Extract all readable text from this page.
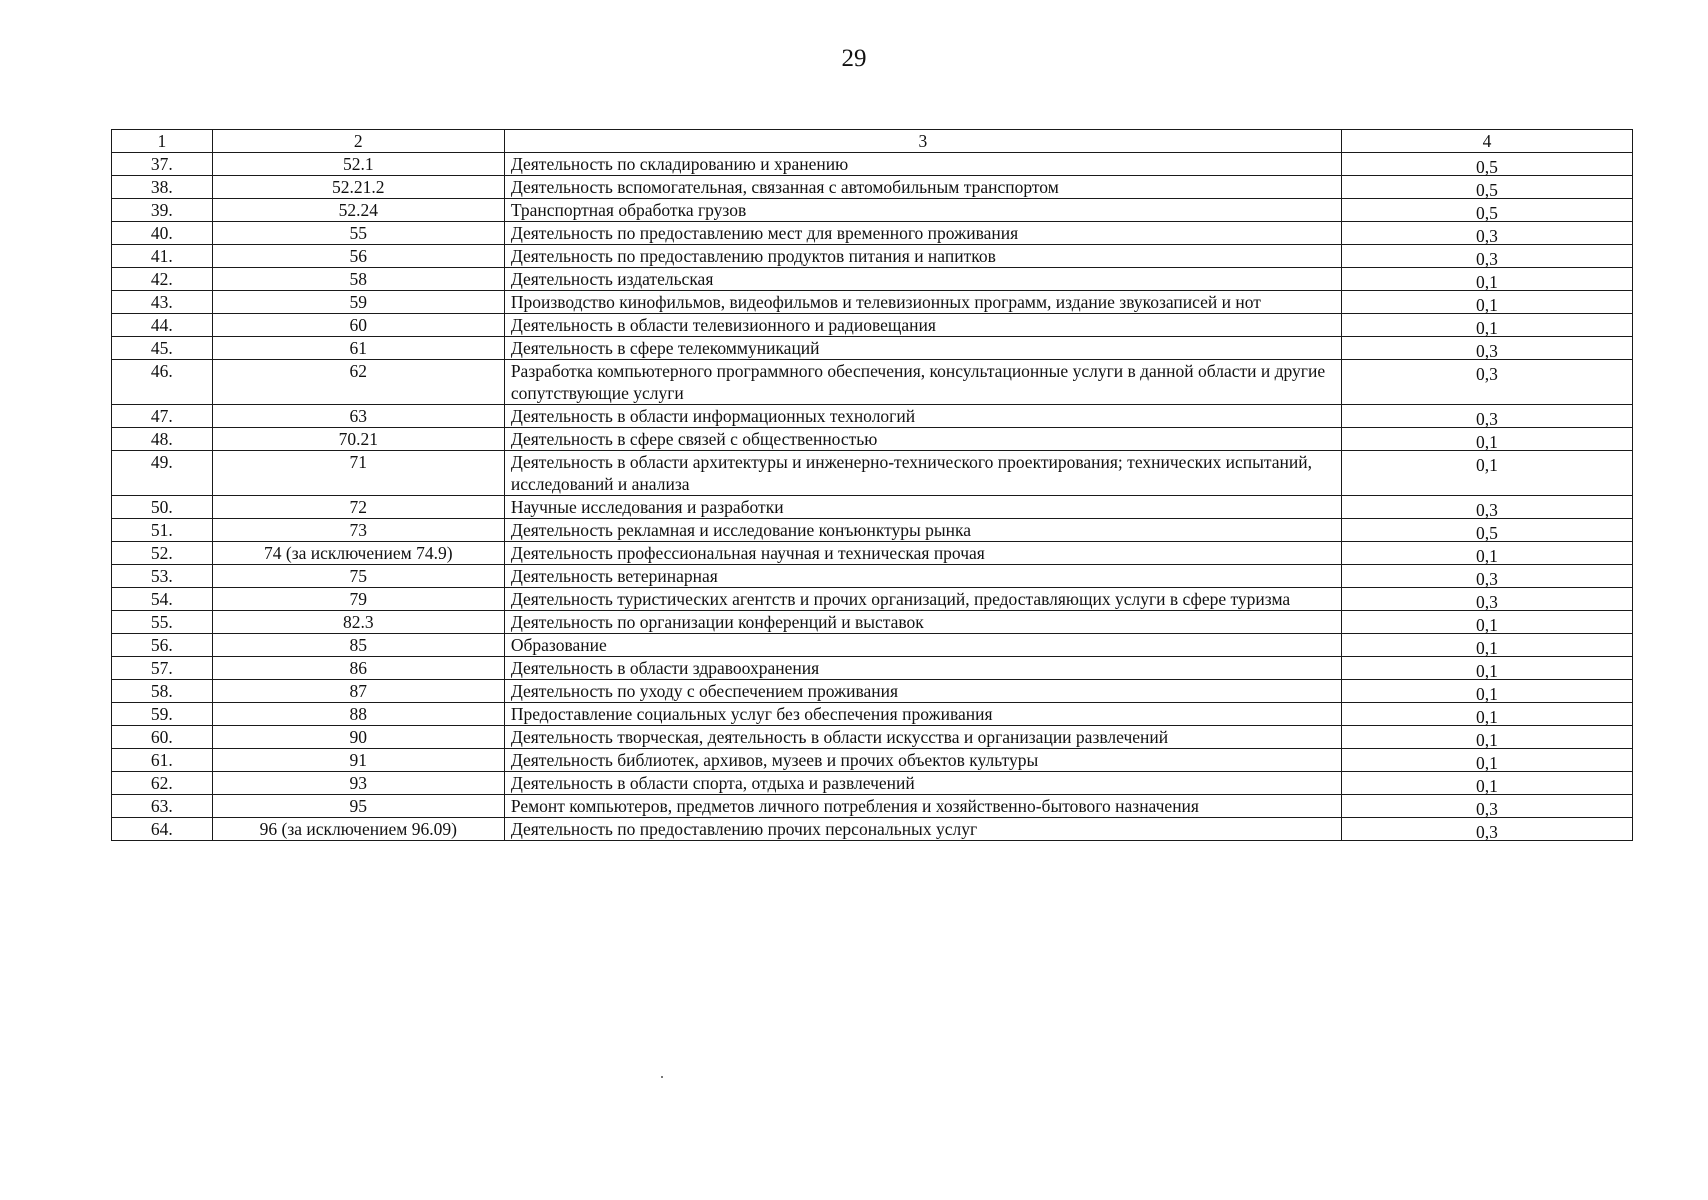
29
1	2	3	4
37.	52.1	Деятельность по складированию и хранению	0,5
38.	52.21.2	Деятельность вспомогательная, связанная с автомобильным транспортом	0,5
39.	52.24	Транспортная обработка грузов	0,5
40.	55	Деятельность по предоставлению мест для временного проживания	0,3
41.	56	Деятельность по предоставлению продуктов питания и напитков	0,3
42.	58	Деятельность издательская	0,1
43.	59	Производство кинофильмов, видеофильмов и телевизионных программ, издание звукозаписей и нот	0,1
44.	60	Деятельность в области телевизионного и радиовещания	0,1
45.	61	Деятельность в сфере телекоммуникаций	0,3
46.	62	Разработка компьютерного программного обеспечения, консультационные услуги в данной области и другие сопутствующие услуги	0,3
47.	63	Деятельность в области информационных технологий	0,3
48.	70.21	Деятельность в сфере связей с общественностью	0,1
49.	71	Деятельность в области архитектуры и инженерно-технического проектирования; технических испытаний, исследований и анализа	0,1
50.	72	Научные исследования и разработки	0,3
51.	73	Деятельность рекламная и исследование конъюнктуры рынка	0,5
52.	74 (за исключением 74.9)	Деятельность профессиональная научная и техническая прочая	0,1
53.	75	Деятельность ветеринарная	0,3
54.	79	Деятельность туристических агентств и прочих организаций, предоставляющих услуги в сфере туризма	0,3
55.	82.3	Деятельность по организации конференций и выставок	0,1
56.	85	Образование	0,1
57.	86	Деятельность в области здравоохранения	0,1
58.	87	Деятельность по уходу с обеспечением проживания	0,1
59.	88	Предоставление социальных услуг без обеспечения проживания	0,1
60.	90	Деятельность творческая, деятельность в области искусства и организации развлечений	0,1
61.	91	Деятельность библиотек, архивов, музеев и прочих объектов культуры	0,1
62.	93	Деятельность в области спорта, отдыха и развлечений	0,1
63.	95	Ремонт компьютеров, предметов личного потребления и хозяйственно-бытового назначения	0,3
64.	96 (за исключением 96.09)	Деятельность по предоставлению прочих персональных услуг	0,3
